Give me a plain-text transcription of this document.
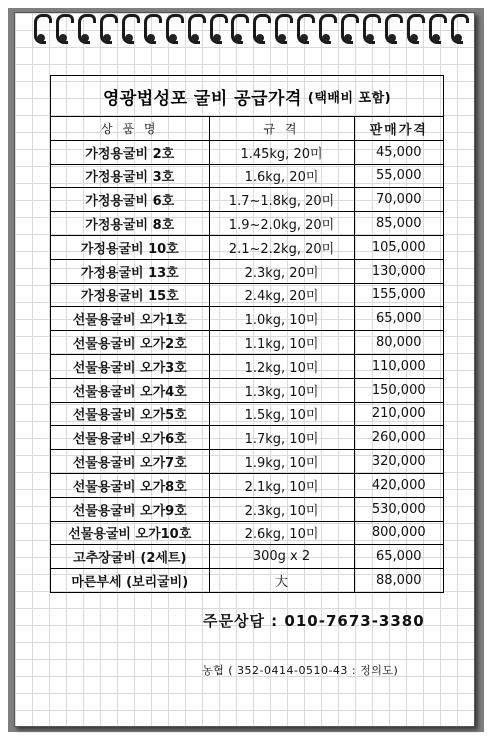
영광법성포 굴비 공급가격 (택배비 포함)
상 품 명	규 격	판매가격
가정용굴비 2호	1.45kg, 20미	45,000
가정용굴비 3호	1.6kg, 20미	55,000
가정용굴비 6호	1.7~1.8kg, 20미	70,000
가정용굴비 8호	1.9~2.0kg, 20미	85,000
가정용굴비 10호	2.1~2.2kg, 20미	105,000
가정용굴비 13호	2.3kg, 20미	130,000
가정용굴비 15호	2.4kg, 20미	155,000
선물용굴비 오가1호	1.0kg, 10미	65,000
선물용굴비 오가2호	1.1kg, 10미	80,000
선물용굴비 오가3호	1.2kg, 10미	110,000
선물용굴비 오가4호	1.3kg, 10미	150,000
선물용굴비 오가5호	1.5kg, 10미	210,000
선물용굴비 오가6호	1.7kg, 10미	260,000
선물용굴비 오가7호	1.9kg, 10미	320,000
선물용굴비 오가8호	2.1kg, 10미	420,000
선물용굴비 오가9호	2.3kg, 10미	530,000
선물용굴비 오가10호	2.6kg, 10미	800,000
고추장굴비 (2세트)	300g x 2	65,000
마른부세 (보리굴비)	大	88,000
주문상담 : 010-7673-3380
농협 ( 352-0414-0510-43 : 정의도)
